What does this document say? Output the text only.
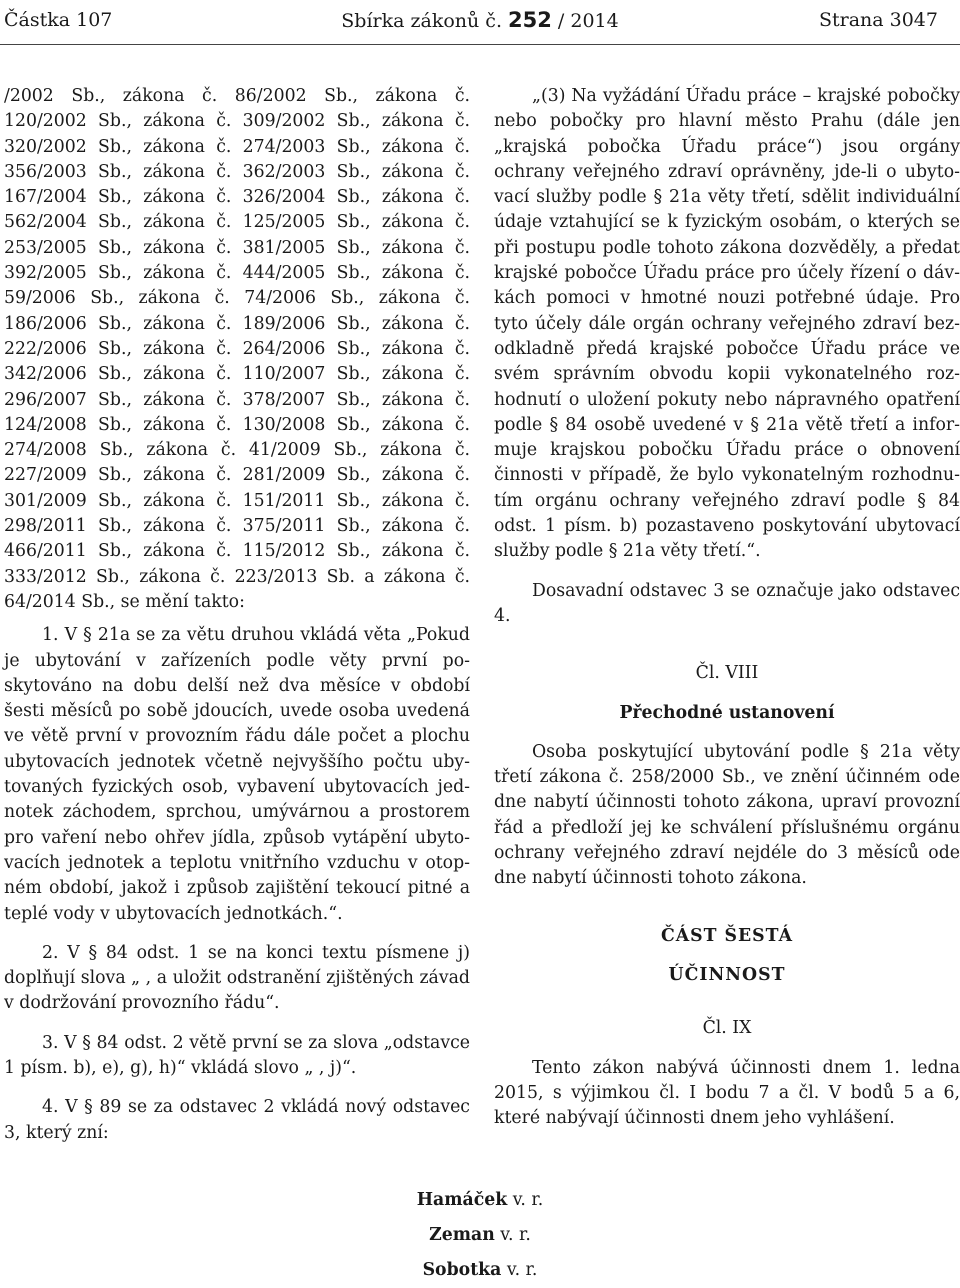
Částka 107	Sbírka zákonů č. 252 / 2014	Strana 3047

/2002 Sb., zákona č. 86/2002 Sb., zákona č. 120/2002 Sb., zákona č. 309/2002 Sb., zákona č. 320/2002 Sb., zákona č. 274/2003 Sb., zákona č. 356/2003 Sb., zákona č. 362/2003 Sb., zákona č. 167/2004 Sb., zákona č. 326/2004 Sb., zákona č. 562/2004 Sb., zákona č. 125/2005 Sb., zákona č. 253/2005 Sb., zákona č. 381/2005 Sb., zákona č. 392/2005 Sb., zákona č. 444/2005 Sb., zákona č. 59/2006 Sb., zákona č. 74/2006 Sb., zákona č. 186/2006 Sb., zákona č. 189/2006 Sb., zákona č. 222/2006 Sb., zákona č. 264/2006 Sb., zákona č. 342/2006 Sb., zákona č. 110/2007 Sb., zákona č. 296/2007 Sb., zákona č. 378/2007 Sb., zákona č. 124/2008 Sb., zákona č. 130/2008 Sb., zákona č. 274/2008 Sb., zákona č. 41/2009 Sb., zákona č. 227/2009 Sb., zákona č. 281/2009 Sb., zákona č. 301/2009 Sb., zákona č. 151/2011 Sb., zákona č. 298/2011 Sb., zákona č. 375/2011 Sb., zákona č. 466/2011 Sb., zákona č. 115/2012 Sb., zákona č. 333/2012 Sb., zákona č. 223/2013 Sb. a zákona č. 64/2014 Sb., se mění takto:

1. V § 21a se za větu druhou vkládá věta „Pokud je ubytování v zařízeních podle věty první poskytováno na dobu delší než dva měsíce v období šesti měsíců po sobě jdoucích, uvede osoba uvedená ve větě první v provozním řádu dále počet a plochu ubytovacích jednotek včetně nejvyššího počtu ubytovaných fyzických osob, vybavení ubytovacích jednotek záchodem, sprchou, umývárnou a prostorem pro vaření nebo ohřev jídla, způsob vytápění ubytovacích jednotek a teplotu vnitřního vzduchu v otopném období, jakož i způsob zajištění tekoucí pitné a teplé vody v ubytovacích jednotkách.“.

2. V § 84 odst. 1 se na konci textu písmene j) doplňují slova „ , a uložit odstranění zjištěných závad v dodržování provozního řádu“.

3. V § 84 odst. 2 větě první se za slova „odstavce 1 písm. b), e), g), h)“ vkládá slovo „ , j)“.

4. V § 89 se za odstavec 2 vkládá nový odstavec 3, který zní:

„(3) Na vyžádání Úřadu práce – krajské pobočky nebo pobočky pro hlavní město Prahu (dále jen „krajská pobočka Úřadu práce“) jsou orgány ochrany veřejného zdraví oprávněny, jde-li o ubytovací služby podle § 21a věty třetí, sdělit individuální údaje vztahující se k fyzickým osobám, o kterých se při postupu podle tohoto zákona dozvěděly, a předat krajské pobočce Úřadu práce pro účely řízení o dávkách pomoci v hmotné nouzi potřebné údaje. Pro tyto účely dále orgán ochrany veřejného zdraví bezodkladně předá krajské pobočce Úřadu práce ve svém správním obvodu kopii vykonatelného rozhodnutí o uložení pokuty nebo nápravného opatření podle § 84 osobě uvedené v § 21a větě třetí a informuje krajskou pobočku Úřadu práce o obnovení činnosti v případě, že bylo vykonatelným rozhodnutím orgánu ochrany veřejného zdraví podle § 84 odst. 1 písm. b) pozastaveno poskytování ubytovací služby podle § 21a věty třetí.“.

Dosavadní odstavec 3 se označuje jako odstavec 4.

Čl. VIII

Přechodné ustanovení

Osoba poskytující ubytování podle § 21a věty třetí zákona č. 258/2000 Sb., ve znění účinném ode dne nabytí účinnosti tohoto zákona, upraví provozní řád a předloží jej ke schválení příslušnému orgánu ochrany veřejného zdraví nejdéle do 3 měsíců ode dne nabytí účinnosti tohoto zákona.

ČÁST ŠESTÁ

ÚČINNOST

Čl. IX

Tento zákon nabývá účinnosti dnem 1. ledna 2015, s výjimkou čl. I bodu 7 a čl. V bodů 5 a 6, které nabývají účinnosti dnem jeho vyhlášení.

Hamáček v. r.
Zeman v. r.
Sobotka v. r.
